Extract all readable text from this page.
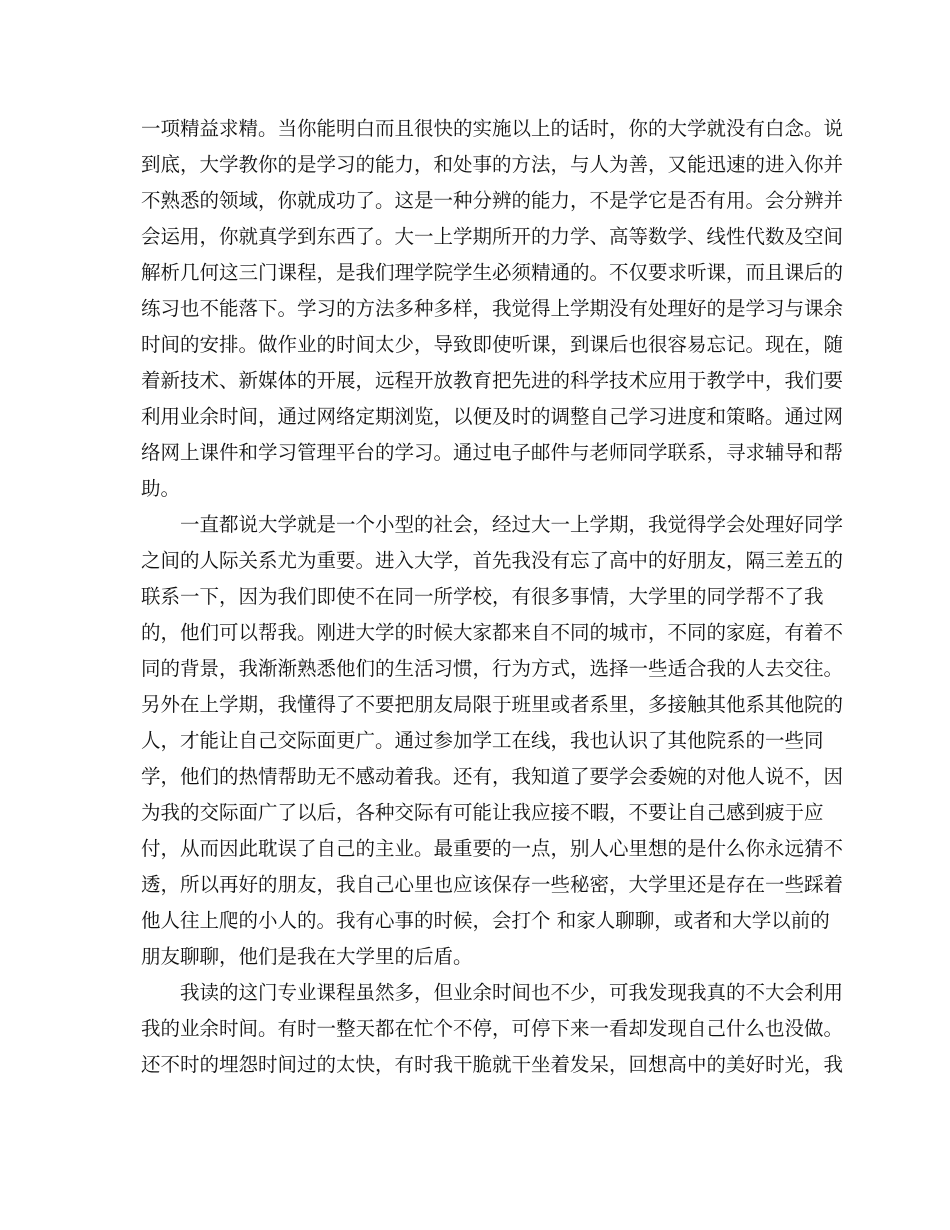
一项精益求精。当你能明白而且很快的实施以上的话时，你的大学就没有白念。说
到底，大学教你的是学习的能力，和处事的方法，与人为善，又能迅速的进入你并
不熟悉的领域，你就成功了。这是一种分辨的能力，不是学它是否有用。会分辨并
会运用，你就真学到东西了。大一上学期所开的力学、高等数学、线性代数及空间
解析几何这三门课程，是我们理学院学生必须精通的。不仅要求听课，而且课后的
练习也不能落下。学习的方法多种多样，我觉得上学期没有处理好的是学习与课余
时间的安排。做作业的时间太少，导致即使听课，到课后也很容易忘记。现在，随
着新技术、新媒体的开展，远程开放教育把先进的科学技术应用于教学中，我们要
利用业余时间，通过网络定期浏览，以便及时的调整自己学习进度和策略。通过网
络网上课件和学习管理平台的学习。通过电子邮件与老师同学联系，寻求辅导和帮
助。
一直都说大学就是一个小型的社会，经过大一上学期，我觉得学会处理好同学
之间的人际关系尤为重要。进入大学，首先我没有忘了高中的好朋友，隔三差五的
联系一下，因为我们即使不在同一所学校，有很多事情，大学里的同学帮不了我
的，他们可以帮我。刚进大学的时候大家都来自不同的城市，不同的家庭，有着不
同的背景，我渐渐熟悉他们的生活习惯，行为方式，选择一些适合我的人去交往。
另外在上学期，我懂得了不要把朋友局限于班里或者系里，多接触其他系其他院的
人，才能让自己交际面更广。通过参加学工在线，我也认识了其他院系的一些同
学，他们的热情帮助无不感动着我。还有，我知道了要学会委婉的对他人说不，因
为我的交际面广了以后，各种交际有可能让我应接不暇，不要让自己感到疲于应
付，从而因此耽误了自己的主业。最重要的一点，别人心里想的是什么你永远猜不
透，所以再好的朋友，我自己心里也应该保存一些秘密，大学里还是存在一些踩着
他人往上爬的小人的。我有心事的时候，会打个 和家人聊聊，或者和大学以前的
朋友聊聊，他们是我在大学里的后盾。
我读的这门专业课程虽然多，但业余时间也不少，可我发现我真的不大会利用
我的业余时间。有时一整天都在忙个不停，可停下来一看却发现自己什么也没做。
还不时的埋怨时间过的太快，有时我干脆就干坐着发呆，回想高中的美好时光，我
